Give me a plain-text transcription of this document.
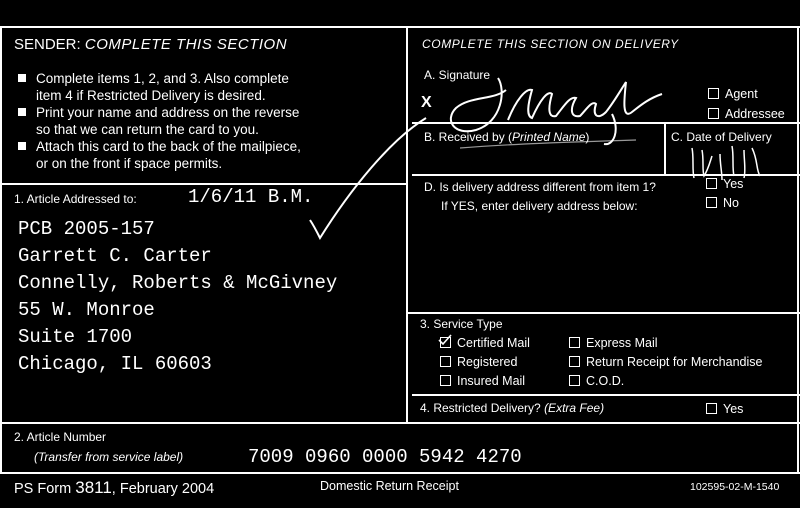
SENDER: COMPLETE THIS SECTION
Complete items 1, 2, and 3. Also complete
item 4 if Restricted Delivery is desired.
Print your name and address on the reverse
so that we can return the card to you.
Attach this card to the back of the mailpiece,
or on the front if space permits.
1. Article Addressed to:	1/6/11 B.M.
PCB 2005-157
Garrett C. Carter
Connelly, Roberts & McGivney
55 W. Monroe
Suite 1700
Chicago, IL 60603
COMPLETE THIS SECTION ON DELIVERY
A. Signature
X	Agent
Addressee
B. Received by (Printed Name)	C. Date of Delivery
D. Is delivery address different from item 1?
If YES, enter delivery address below:
Yes
No
3. Service Type
Certified Mail
Registered
Insured Mail
Express Mail
Return Receipt for Merchandise
C.O.D.
4. Restricted Delivery? (Extra Fee)	Yes
2. Article Number
(Transfer from service label)	7009 0960 0000 5942 4270
PS Form 3811, February 2004	Domestic Return Receipt	102595-02-M-1540
